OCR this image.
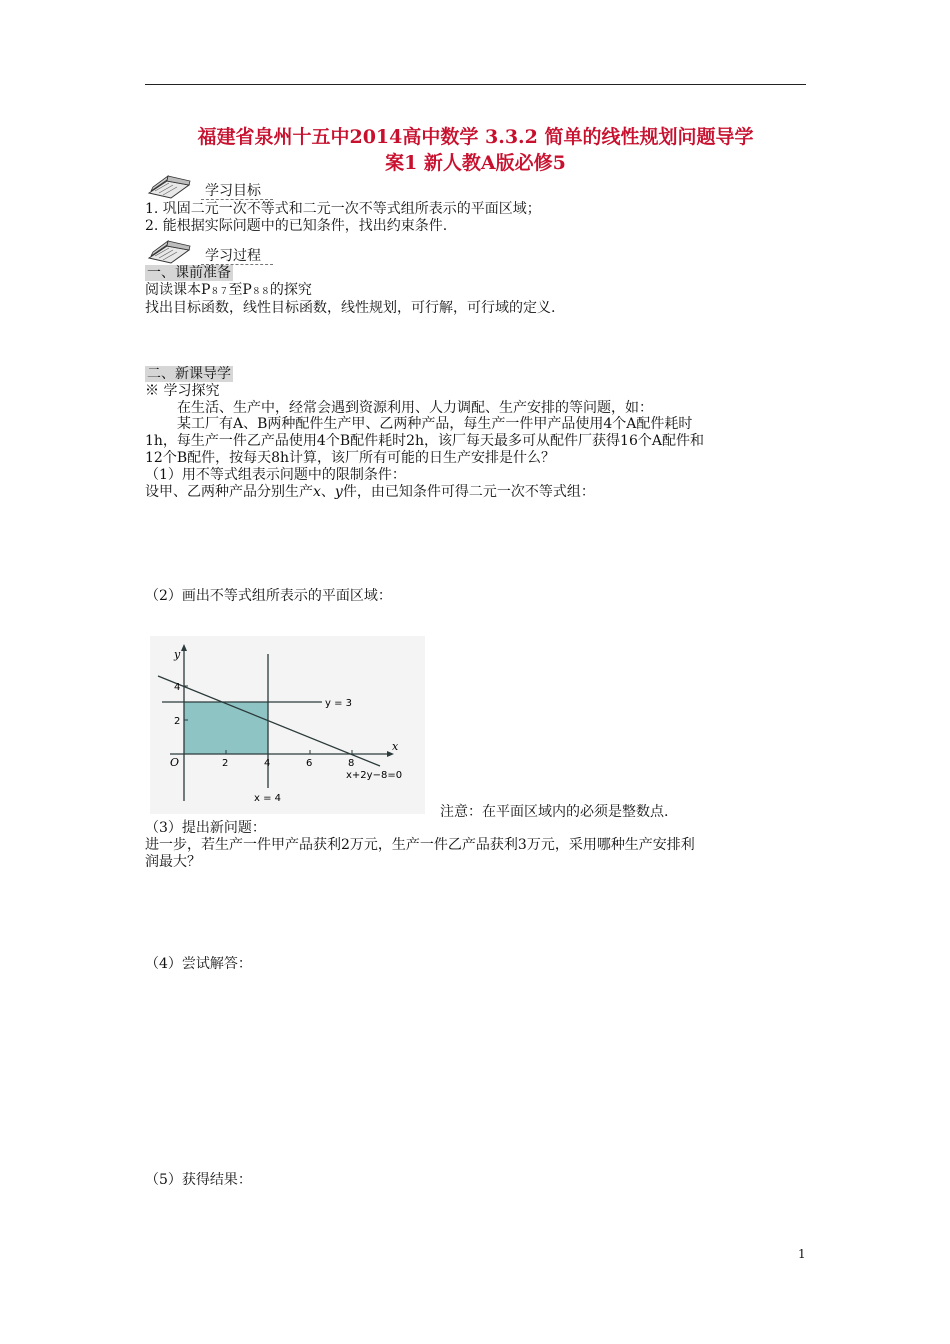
福建省泉州十五中2014高中数学 3.3.2 简单的线性规划问题导学
案1 新人教A版必修5
学习目标
1. 巩固二元一次不等式和二元一次不等式组所表示的平面区域；
2. 能根据实际问题中的已知条件，找出约束条件.
学习过程
一、课前准备
阅读课本P８７至P８８的探究
找出目标函数，线性目标函数，线性规划，可行解，可行域的定义.
二、新课导学
※ 学习探究
在生活、生产中，经常会遇到资源利用、人力调配、生产安排的等问题，如：
某工厂有A、B两种配件生产甲、乙两种产品，每生产一件甲产品使用4个A配件耗时
1h，每生产一件乙产品使用4个B配件耗时2h，该厂每天最多可从配件厂获得16个A配件和
12个B配件，按每天8h计算，该厂所有可能的日生产安排是什么？
（1）用不等式组表示问题中的限制条件：
设甲、乙两种产品分别生产x、y件，由已知条件可得二元一次不等式组：
（2）画出不等式组所表示的平面区域：
y
x
O
2
4
2	4	6	8
y = 3
x = 4
x+2y−8=0
注意：在平面区域内的必须是整数点.
（3）提出新问题：
进一步，若生产一件甲产品获利2万元，生产一件乙产品获利3万元，采用哪种生产安排利
润最大？
（4）尝试解答：
（5）获得结果：
1
